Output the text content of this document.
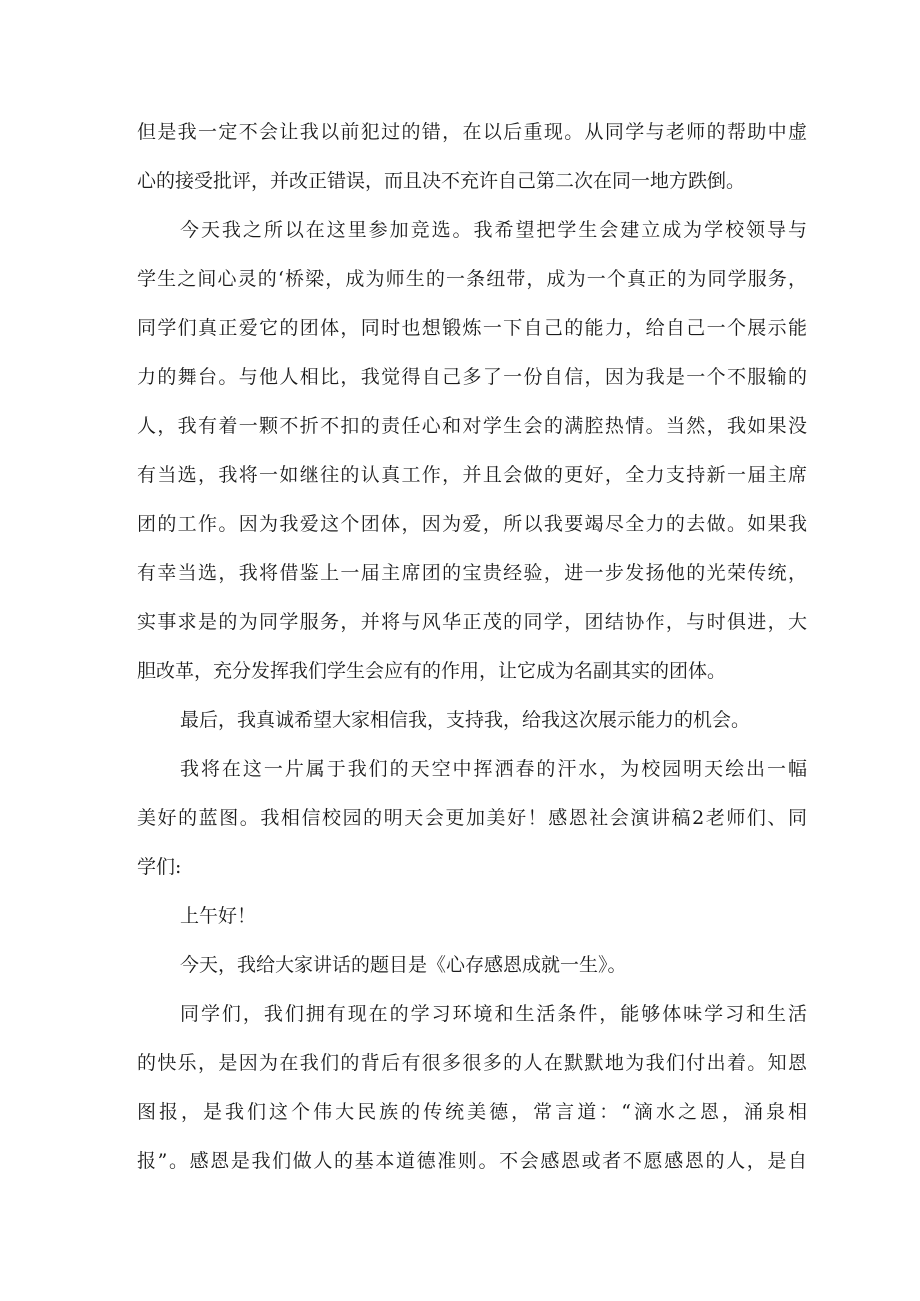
但是我一定不会让我以前犯过的错，在以后重现。从同学与老师的帮助中虚

心的接受批评，并改正错误，而且决不充许自己第二次在同一地方跌倒。

今天我之所以在这里参加竞选。我希望把学生会建立成为学校领导与

学生之间心灵的‘桥梁，成为师生的一条纽带，成为一个真正的为同学服务，

同学们真正爱它的团体，同时也想锻炼一下自己的能力，给自己一个展示能

力的舞台。与他人相比，我觉得自己多了一份自信，因为我是一个不服输的

人，我有着一颗不折不扣的责任心和对学生会的满腔热情。当然，我如果没

有当选，我将一如继往的认真工作，并且会做的更好，全力支持新一届主席

团的工作。因为我爱这个团体，因为爱，所以我要竭尽全力的去做。如果我

有幸当选，我将借鉴上一届主席团的宝贵经验，进一步发扬他的光荣传统，

实事求是的为同学服务，并将与风华正茂的同学，团结协作，与时俱进，大

胆改革，充分发挥我们学生会应有的作用，让它成为名副其实的团体。

最后，我真诚希望大家相信我，支持我，给我这次展示能力的机会。

我将在这一片属于我们的天空中挥洒春的汗水，为校园明天绘出一幅

美好的蓝图。我相信校园的明天会更加美好！感恩社会演讲稿2老师们、同

学们:

上午好！

今天，我给大家讲话的题目是《心存感恩成就一生》。

同学们，我们拥有现在的学习环境和生活条件，能够体味学习和生活

的快乐，是因为在我们的背后有很多很多的人在默默地为我们付出着。知恩

图报，是我们这个伟大民族的传统美德，常言道：“滴水之恩，涌泉相

报”。感恩是我们做人的基本道德准则。不会感恩或者不愿感恩的人，是自
